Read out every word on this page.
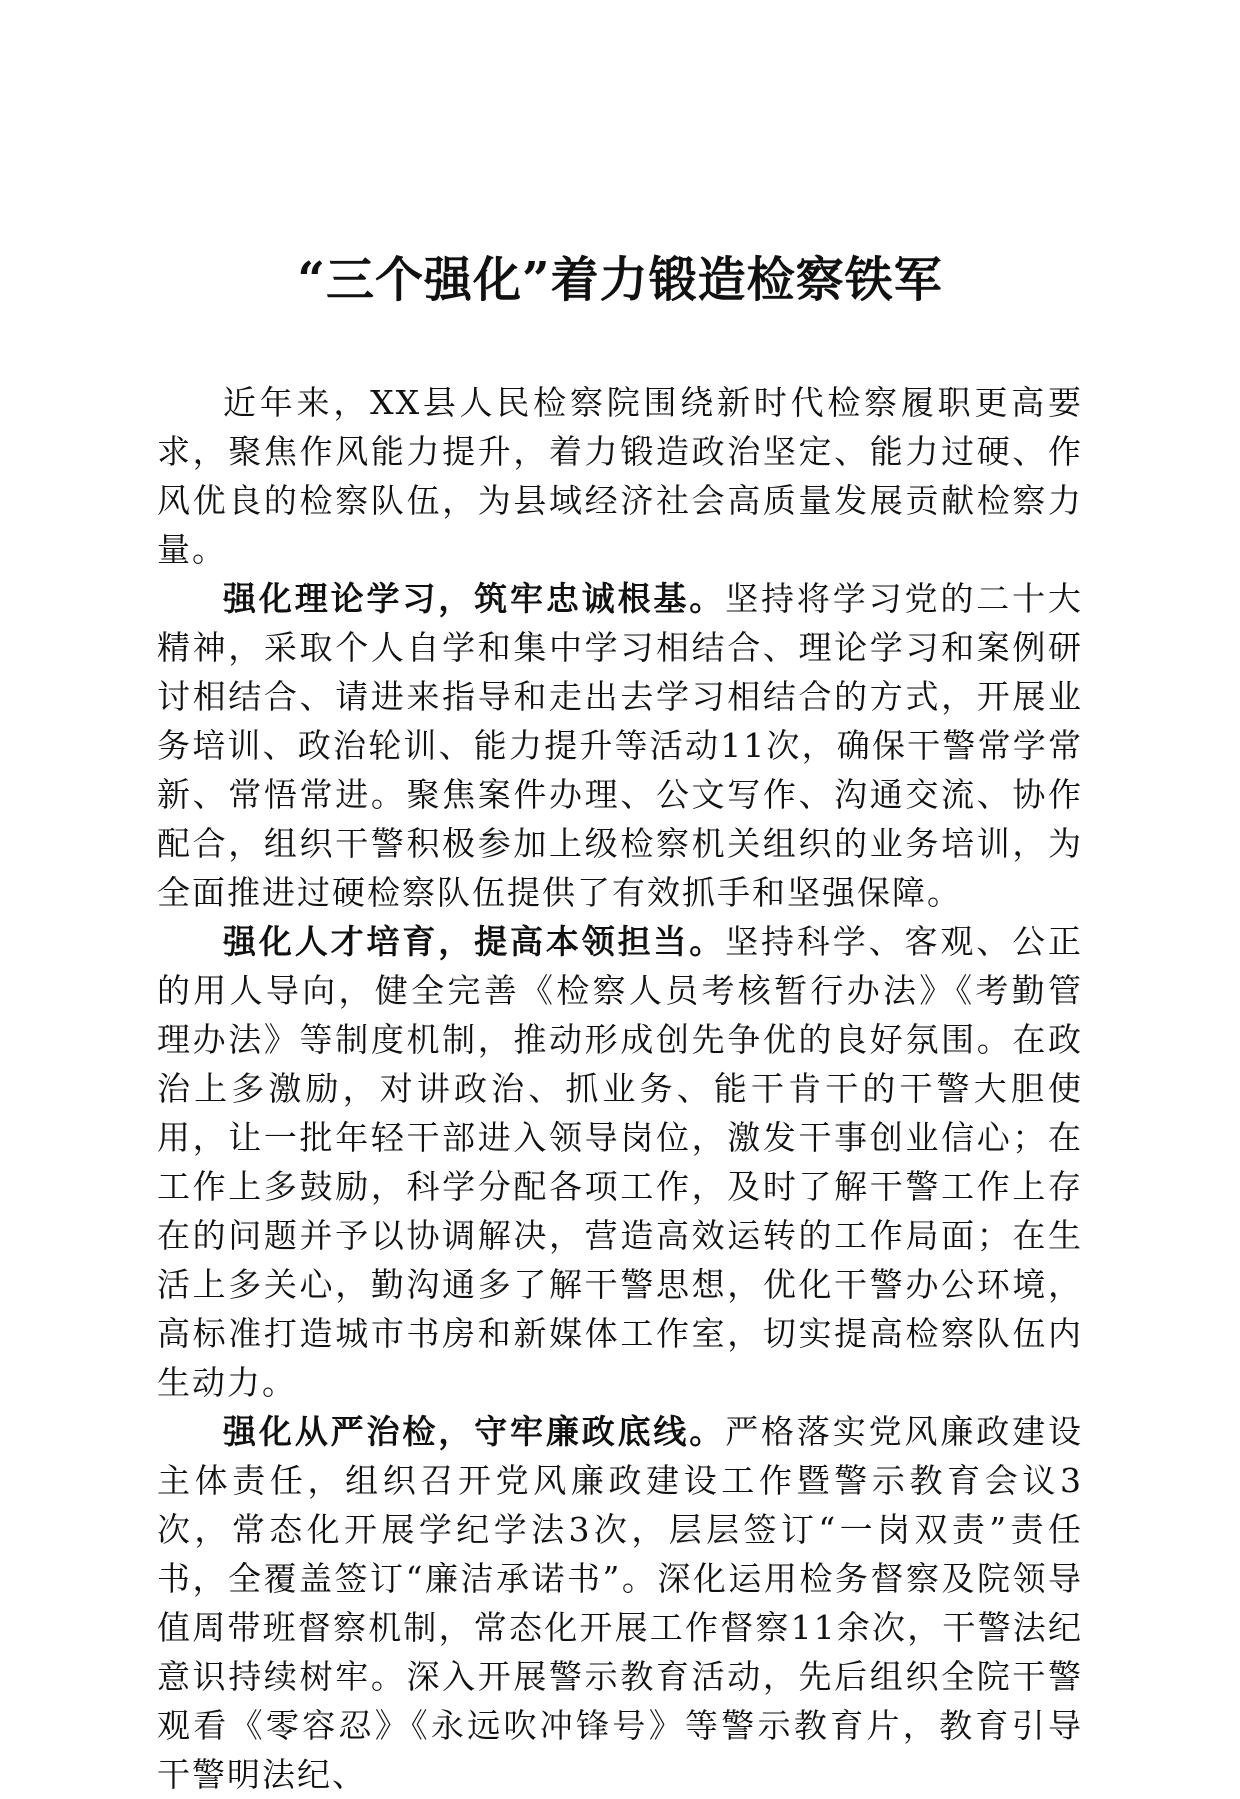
“三个强化”着力锻造检察铁军

近年来，XX县人民检察院围绕新时代检察履职更高要求，聚焦作风能力提升，着力锻造政治坚定、能力过硬、作风优良的检察队伍，为县域经济社会高质量发展贡献检察力量。

强化理论学习，筑牢忠诚根基。坚持将学习党的二十大精神，采取个人自学和集中学习相结合、理论学习和案例研讨相结合、请进来指导和走出去学习相结合的方式，开展业务培训、政治轮训、能力提升等活动11次，确保干警常学常新、常悟常进。聚焦案件办理、公文写作、沟通交流、协作配合，组织干警积极参加上级检察机关组织的业务培训，为全面推进过硬检察队伍提供了有效抓手和坚强保障。

强化人才培育，提高本领担当。坚持科学、客观、公正的用人导向，健全完善《检察人员考核暂行办法》《考勤管理办法》等制度机制，推动形成创先争优的良好氛围。在政治上多激励，对讲政治、抓业务、能干肯干的干警大胆使用，让一批年轻干部进入领导岗位，激发干事创业信心；在工作上多鼓励，科学分配各项工作，及时了解干警工作上存在的问题并予以协调解决，营造高效运转的工作局面；在生活上多关心，勤沟通多了解干警思想，优化干警办公环境，高标准打造城市书房和新媒体工作室，切实提高检察队伍内生动力。

强化从严治检，守牢廉政底线。严格落实党风廉政建设主体责任，组织召开党风廉政建设工作暨警示教育会议3次，常态化开展学纪学法3次，层层签订“一岗双责”责任书，全覆盖签订“廉洁承诺书”。深化运用检务督察及院领导值周带班督察机制，常态化开展工作督察11余次，干警法纪意识持续树牢。深入开展警示教育活动，先后组织全院干警观看《零容忍》《永远吹冲锋号》等警示教育片，教育引导干警明法纪、
